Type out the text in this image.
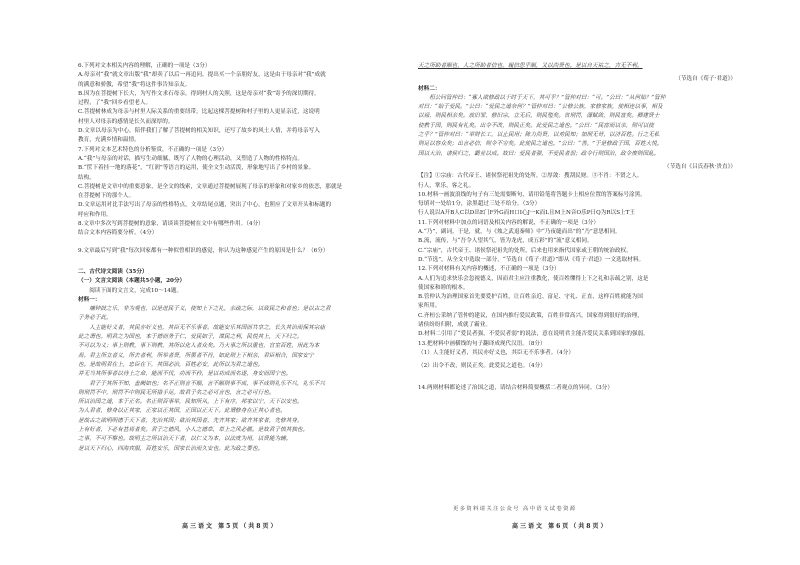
6.下列对文本相关内容的理解，正确的一项是（3分）

A.母亲对“我”就文章出版“我”却卖了以后一再追问，提出买一个亲朋好友，这是由于母亲对“我”成就

的满意和骄傲，希望“我”将这件事告知亲友。

B.因为在菩提树下长大，为写作文求石母亲，得到村人的关照，这是母亲对“我”寄予的深切期待。

过程，了“我”回乡看望老人。

C.菩提树林成为母亲与村里人际关系的重要纽带，比起这棵菩提树和村子里的人更显亲近，这说明

村里人对母亲的感情是长久而深厚的。

D.文章以母亲为中心，陪伴我们了解了菩提树的相关知识，还写了故乡的风土人情，并将母亲写入

教育，充满乡情和温情。

7.下列对文本艺术特色的分析鉴赏，不正确的一项是（3分）

A.“我”与母亲的对话，描写生动细腻，既写了人物的心理活动，又塑造了人物的性格特点。

B.“筐下着挂一地的落花”，“红润”等语言的运用，使全文生动活泼，形象地写出了乡村的景象。

结构。

C.菩提树是文章中的重要意象，是全文的线索，文章通过菩提树展现了母亲的形象和对家乡的依恋，那就是

在菩提树下的那个人。

D.文章运用对比手法写出了母亲的性格特点，文章结尾点题，突出了中心，也照应了文章开头和标题的

呼应和作用。

8.文章中多次写到菩提树的意象，请谈谈菩提树在文中有哪些作用。（4分）

结合文本内容简要分析。（4分）

9.文章最后写到“我”每次回家都有一种似曾相识的感觉，你认为这种感觉产生的原因是什么？（6分）

二、古代诗文阅读（35分）

（一）文言文阅读（本题共5小题，20分）

阅读下面的文言文，完成10～14题。

材料一：

墉钟鼓之乐，非为观也，以是进民于义，使知上下之礼，亲疏之际，以致民之和者也；是以古之君

子务必于此。

人主能好义者，其民亦好义也，其臣无不乐事者。故能安乐其国而共享之，长久其治而保其宗庙

此之谓也。明君之为国也，本于德而务于仁，爱民如子，谋民之利，民悦其上，天下归之。

不可以为义；事上则教，事下则教，其所以化人者众矣。乃大事之所以重也，宫室百姓，用此为本

焉。君主所立者义，所去者利，所举者贤，所罢者不肖，如此则上下相亲，君臣相合，国家安宁

也。是故明君在上，忠臣在下，其国必治，百姓必安，此所以为君之道也。

并无当其所事者以待上之命，能而不伐，功而不矜，是以功成而名遂，身安而国宁也。

君子于其所不知，盖阙如也；名不正则言不顺，言不顺则事不成，事不成则礼乐不兴，礼乐不兴

则刑罚不中，刑罚不中则民无所措手足。故君子名之必可言也，言之必可行也。

所以治国之道，本于正名。名正则百事举，民知所从，上下有序，邦家以宁，天下以安也。

为人君者，修身以正其家，正家以正其国，正国以正天下。此谓修身在正其心者也。

是故古之欲明明德于天下者，先治其国；欲治其国者，先齐其家；欲齐其家者，先修其身。

上有好者，下必有甚焉者矣。君子之德风，小人之德草，草上之风必偃。是故君子慎其独也。

之事，不可不察也。故明主之所以治天下者，以仁义为本，以法度为用，以贤能为辅。

是以天下归心，四海宾服，百姓安乐，国家长治而久安也。此为政之要也。

天之所助者顺也，人之所助者信也。履信思乎顺，又以尚贤也。是以自天祐之，吉无不利。

（节选自《荀子·君道》）

材料二：

桓公问管仲曰：“寡人欲修政以干时于天下，其可乎？”管仲对曰：“可。”公曰：“从何始？”管仲

对曰：“始于爱民。”公曰：“爱民之道奈何？”管仲对曰：“公修公族，家修家族，使相连以事，相及

以禄，则民相亲矣。放旧罪，修旧宗，立无后，则民殖矣。省刑罚，薄赋敛，则民富矣。卿建贤士

使教于国，则民有礼矣。出令不改，则民正矣。此爱民之道也。”公曰：“民富而以亲，则可以使

之乎？”管仲对曰：“举财长工，以止民用；陈力尚贤，以劝民知；加刑无苛，以济百姓。行之无私

则足以容众矣；出言必信，则令不穷矣。此使民之道也。”公曰：“善。”于是修政于国，百姓大悦。

国以大治，诸侯归之，霸业以成。故曰：爱民者强，不爱民者弱；政令行则国治，政令废则国乱。

（节选自《吕氏春秋·贵直》）

【注】①宗庙：古代帝王、诸侯祭祀祖先的处所。②厚敛：搜刮民财。③不肖：不贤之人。

行人，掌乐，客之礼。

10.材料一画波浪线的句子有三处需要断句，请用铅笔将答题卡上相应位置的答案标号涂黑。

每填对一处给1分，涂黑超过三处不给分。（3分）

行人说以A开B人C以D出E门F外G而H口I心J一K而L且M上N音O乐P日Q为R以S上T王

11.下列对材料中加点的词语及相关内容的解说，不正确的一项是（3分）

A.“乃”，副词，于是，就，与《烛之武退秦师》中“乃夜缒而出”的“乃”意思相同。

B.流，流传，与“吾令人望其气，皆为龙虎，成五彩”的“流”意义相同。

C.“宗庙”，古代帝王、诸侯祭祀祖先的处所，后来也用来指代国家或王朝的统治政权。

D.“节选”，从全文中选取一部分，“节选自《荀子·君道》”即从《荀子·君道》一文选取材料。

12.下列对材料有关内容的概述，不正确的一项是（3分）

A.人们为追求快乐会忽视德义，因而君主应注重教化，使百姓懂得上下之礼和亲疏之别，这是

使国家和睦的根本。

B.管仲认为治理国家首先要爱护百姓，让百姓亲近、富足、守礼、正直，这样百姓就能为国

家所用。

C.齐桓公采纳了管仲的建议，在国内推行爱民政策，百姓非常高兴，国家得到很好的治理，

诸侯纷纷归附，成就了霸业。

D.材料二引用了“爱民者强，不爱民者弱”的说法，意在说明君主能否爱民关系到国家的强弱。

13.把材料中画横线的句子翻译成现代汉语。（8分）

（1）人主能好义者，其民亦好义也，其臣无不乐事者。（4分）

（2）出令不改，则民正矣。此爱民之道也。（4分）

14.两则材料都论述了治国之道，请结合材料简要概括二者观点的异同。（3分）

更多资料请关注公众号 高中语文试卷资源
高三语文 第5页（共8页）	高三语文 第6页（共8页）
